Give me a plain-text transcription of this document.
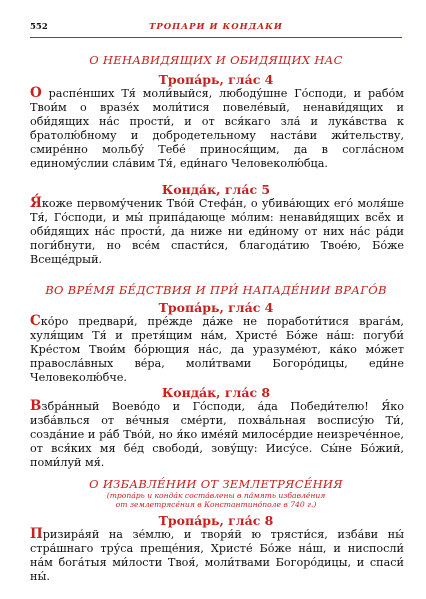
552	ТРОПАРИ И КОНДАКИ
О НЕНАВИДЯЩИХ И ОБИДЯЩИХ НАС
Тропа́рь, гла́с 4
О распе́нших Тя́ моли́выйся, любоду́шне Го́споди, и рабо́м Твои́м о вразе́х моли́тися повеле́вый, ненави́дящих и оби́дящих на́с прости́, и от вся́каго зла́ и лука́вства к братолю́бному и добродетельному наста́ви жи́тельству, смире́нно мольбу́ Тебе́ принося́щим, да в согла́сном единому́слии сла́вим Тя́, еди́наго Человеколю́бца.
Конда́к, гла́с 5
Я́коже первому́ченик Тво́й Стефа́н, о убива́ющих его́ моля́ше Тя́, Го́споди, и мы́ припа́дающе мо́лим: ненави́дящих всё́х и оби́дящих на́с прости́, да ниже ни еди́ному от них на́с ра́ди поги́бнути, но все́м спасти́ся, благода́тию Твое́ю, Бо́же Всеще́дрый.
ВО ВРЕ́МЯ БЕ́ДСТВИЯ И ПРИ́ НАПАДЕ́НИИ ВРАГО́В
Тропа́рь, гла́с 4
Ско́ро предвари́, пре́жде да́же не поработи́тися врага́м, хуля́щим Тя́ и претя́щим на́м, Христе́ Бо́же на́ш: погуби́ Кре́стом Твои́м бо́рющия на́с, да уразуме́ют, ка́ко мо́жет правосла́вных ве́ра, моли́твами Богоро́дицы, еди́не Человеколю́бче.
Конда́к, гла́с 8
Взбра́нный Воево́до и Го́споди, а́да Победи́телю! Я́ко изба́влься от ве́чныя сме́рти, похва́льная воспису́ю Ти́, созда́ние и ра́б Тво́й, но я́ко име́яй милосе́рдие неизрече́нное, от вся́ких мя бе́д свободи́, зову́щу: Иису́се. Сы́не Бо́жий, поми́луй мя́.
О ИЗБАВЛЕ́НИИ ОТ ЗЕМЛЕТРЯСЕ́НИЯ
(тропа́рь и конда́к соста́влены в па́мять избавле́ния
от землетрясе́ния в Константино́поле в 740 г.)
Тропа́рь, гла́с 8
Призира́яй на зе́млю, и творя́й ю трясти́ся, изба́ви ны́ стра́шнаго тру́са преще́ния, Христе́ Бо́же на́ш, и ниспосли́ на́м бога́тыя ми́лости Твоя́, моли́твами Богоро́дицы, и спаси́ ны́.
